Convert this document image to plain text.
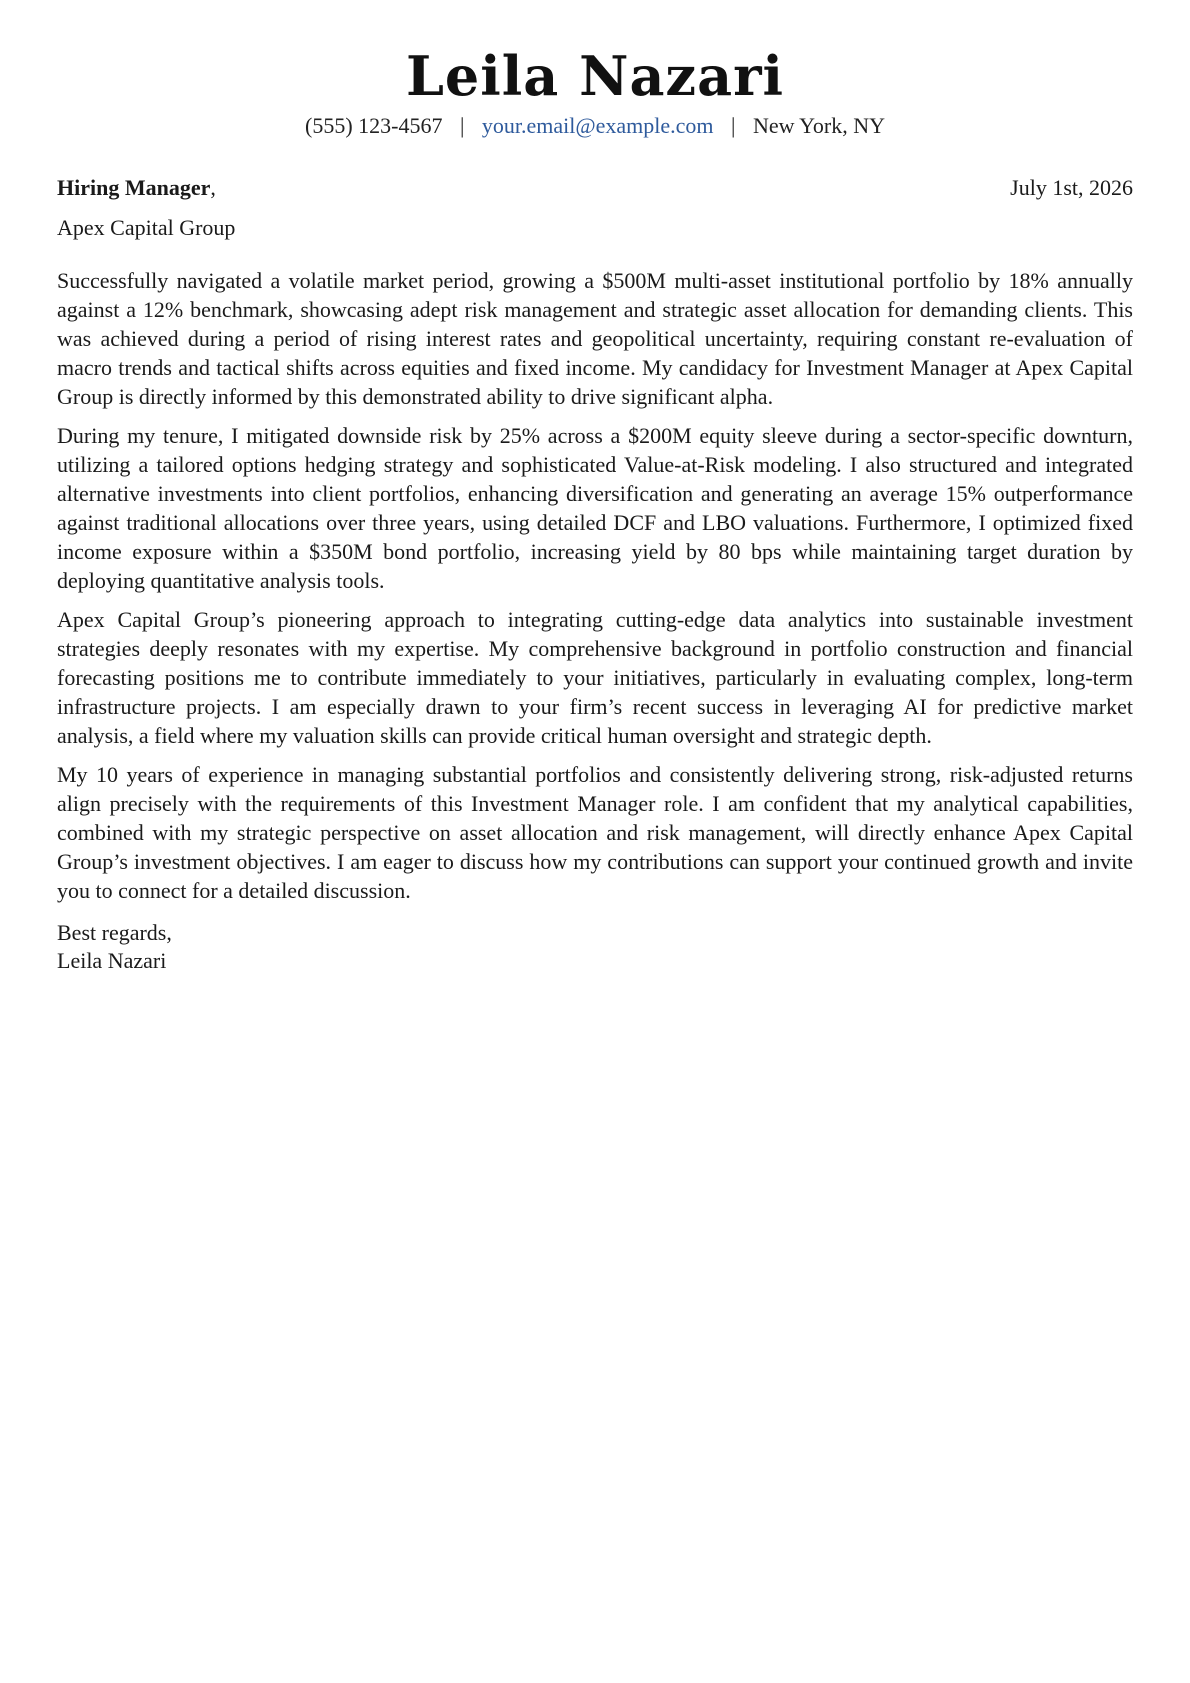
Leila Nazari
(555) 123-4567 | your.email@example.com | New York, NY
Hiring Manager,	July 1st, 2026
Apex Capital Group

Successfully navigated a volatile market period, growing a $500M multi-asset institutional portfolio by 18% annually against a 12% benchmark, showcasing adept risk management and strategic asset allocation for demanding clients. This was achieved during a period of rising interest rates and geopolitical uncertainty, requiring constant re-evaluation of macro trends and tactical shifts across equities and fixed income. My candidacy for Investment Manager at Apex Capital Group is directly informed by this demonstrated ability to drive significant alpha.

During my tenure, I mitigated downside risk by 25% across a $200M equity sleeve during a sector-specific downturn, utilizing a tailored options hedging strategy and sophisticated Value-at-Risk modeling. I also structured and integrated alternative investments into client portfolios, enhancing diversification and generating an average 15% outperformance against traditional allocations over three years, using detailed DCF and LBO valuations. Furthermore, I optimized fixed income exposure within a $350M bond portfolio, increasing yield by 80 bps while maintaining target duration by deploying quantitative analysis tools.

Apex Capital Group’s pioneering approach to integrating cutting-edge data analytics into sustainable investment strategies deeply resonates with my expertise. My comprehensive background in portfolio construction and financial forecasting positions me to contribute immediately to your initiatives, particularly in evaluating complex, long-term infrastructure projects. I am especially drawn to your firm’s recent success in leveraging AI for predictive market analysis, a field where my valuation skills can provide critical human oversight and strategic depth.

My 10 years of experience in managing substantial portfolios and consistently delivering strong, risk-adjusted returns align precisely with the requirements of this Investment Manager role. I am confident that my analytical capabilities, combined with my strategic perspective on asset allocation and risk management, will directly enhance Apex Capital Group’s investment objectives. I am eager to discuss how my contributions can support your continued growth and invite you to connect for a detailed discussion.

Best regards,
Leila Nazari
